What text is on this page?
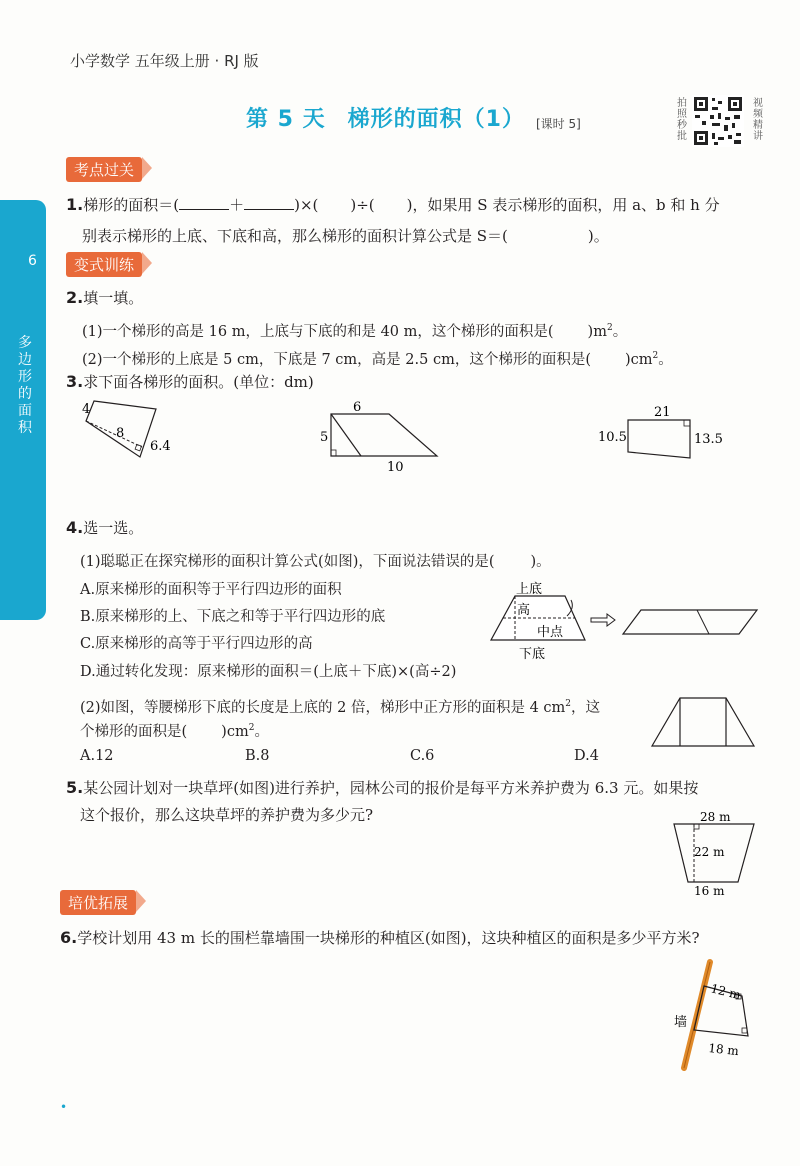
小学数学 五年级上册 · RJ 版
第 5 天 梯形的面积（1） [课时 5]
拍照秒批
视频精讲
6
多边形的面积
考点过关
1.梯形的面积＝(	＋	)×( )÷( )，如果用 S 表示梯形的面积，用 a、b 和 h 分
别表示梯形的上底、下底和高，那么梯形的面积计算公式是 S＝(	)。
变式训练
2.填一填。
(1)一个梯形的高是 16 m，上底与下底的和是 40 m，这个梯形的面积是( )$m^2$。
(2)一个梯形的上底是 5 cm，下底是 7 cm，高是 2.5 cm，这个梯形的面积是( )$cm^2$。
3.求下面各梯形的面积。(单位：dm)
4
8
6.4
6
5
10
21
10.5	13.5
4.选一选。
(1)聪聪正在探究梯形的面积计算公式(如图)，下面说法错误的是( )。
A.原来梯形的面积等于平行四边形的面积
B.原来梯形的上、下底之和等于平行四边形的底
C.原来梯形的高等于平行四边形的高
D.通过转化发现：原来梯形的面积＝(上底＋下底)×(高÷2)
上底
高
中点
下底
(2)如图，等腰梯形下底的长度是上底的 2 倍，梯形中正方形的面积是 4 $cm^2$，这
个梯形的面积是( )$cm^2$。
A.12	B.8	C.6	D.4
5.某公园计划对一块草坪(如图)进行养护，园林公司的报价是每平方米养护费为 6.3 元。如果按
这个报价，那么这块草坪的养护费为多少元?	28 m
22 m
16 m
培优拓展
6.学校计划用 43 m 长的围栏靠墙围一块梯形的种植区(如图)，这块种植区的面积是多少平方米?
12 m
18 m
墙
•
